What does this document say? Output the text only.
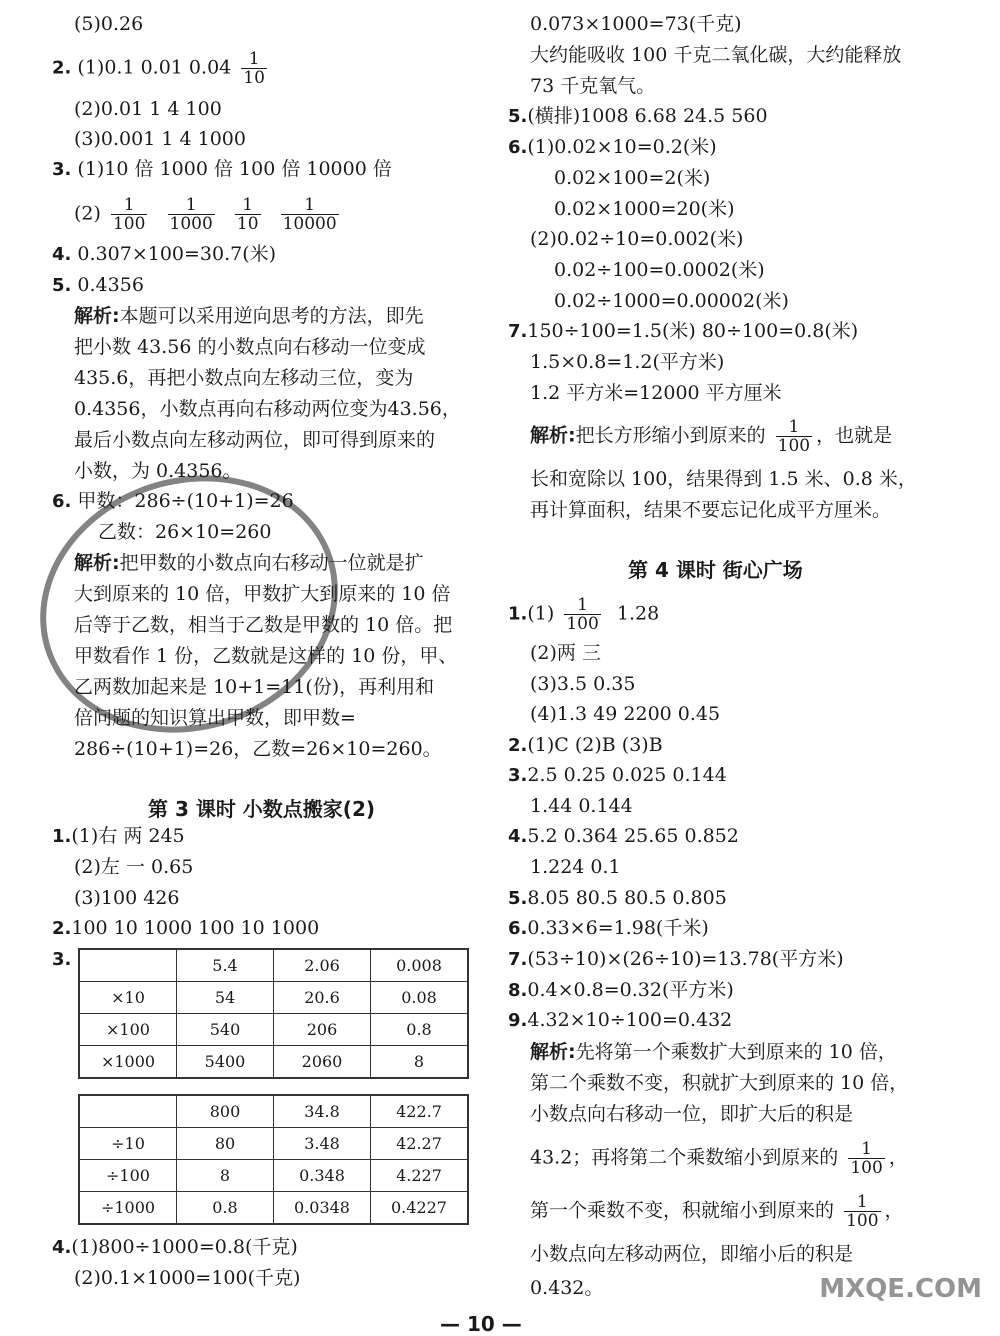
(5)0.26
2. (1)0.1 0.01 $0.04 \frac{1}{10}$
(2)0.01 1 4 100
(3)0.001 1 4 1000
3. (1)10 倍 1000 倍 100 倍 10000 倍
$(2) \frac{1}{100}$
$\frac{1}{1000}$
$\frac{1}{10}$
$\frac{1}{10000}$
4. 0.307×100=30.7(米)
5. 0.4356
解析:本题可以采用逆向思考的方法，即先
把小数 43.56 的小数点向右移动一位变成
435.6，再把小数点向左移动三位，变为
0.4356，小数点再向右移动两位变为43.56，
最后小数点向左移动两位，即可得到原来的
小数，为 0.4356。
6. 甲数：286÷(10+1)=26
乙数：26×10=260
解析:把甲数的小数点向右移动一位就是扩
大到原来的 10 倍，甲数扩大到原来的 10 倍
后等于乙数，相当于乙数是甲数的 10 倍。把
甲数看作 1 份，乙数就是这样的 10 份，甲、
乙两数加起来是 10+1=11(份)，再利用和
倍问题的知识算出甲数，即甲数=
286÷(10+1)=26，乙数=26×10=260。
第 3 课时 小数点搬家(2)
1.(1)右 两 245
(2)左 一 0.65
(3)100 426
2.100 10 1000 100 10 1000
3.
		5.4	2.06	0.008
×10	54	20.6	0.08
×100	540	206	0.8
×1000	5400	2060	8
	800	34.8	422.7
÷10	80	3.48	42.27
÷100	8	0.348	4.227
÷1000	0.8	0.0348	0.4227
4.(1)800÷1000=0.8(千克)
(2)0.1×1000=100(千克)
0.073×1000=73(千克)
大约能吸收 100 千克二氧化碳，大约能释放
73 千克氧气。
5.(横排)1008 6.68 24.5 560
6.(1)0.02×10=0.2(米)
0.02×100=2(米)
0.02×1000=20(米)
(2)0.02÷10=0.002(米)
0.02÷100=0.0002(米)
0.02÷1000=0.00002(米)
7.150÷100=1.5(米) 80÷100=0.8(米)
1.5×0.8=1.2(平方米)
1.2 平方米=12000 平方厘米
解析:把长方形缩小到原来的 $\frac{1}{100}$ ，也就是
长和宽除以 100，结果得到 1.5 米、0.8 米，
再计算面积，结果不要忘记化成平方厘米。
第 4 课时 街心广场
$1.(1) \frac{1}{100} 1.28$
(2)两 三
(3)3.5 0.35
(4)1.3 49 2200 0.45
2.(1)C (2)B (3)B
3.2.5 0.25 0.025 0.144
1.44 0.144
4.5.2 0.364 25.65 0.852
1.224 0.1
5.8.05 80.5 80.5 0.805
6.0.33×6=1.98(千米)
7.(53÷10)×(26÷10)=13.78(平方米)
8.0.4×0.8=0.32(平方米)
9.4.32×10÷100=0.432
解析:先将第一个乘数扩大到原来的 10 倍，
第二个乘数不变，积就扩大到原来的 10 倍，
小数点向右移动一位，即扩大后的积是
43.2；再将第二个乘数缩小到原来的 $\frac{1}{100}$ ，
第一个乘数不变，积就缩小到原来的 $\frac{1}{100}$ ，
小数点向左移动两位，即缩小后的积是
0.432。	MXQE.COM
— 10 —
